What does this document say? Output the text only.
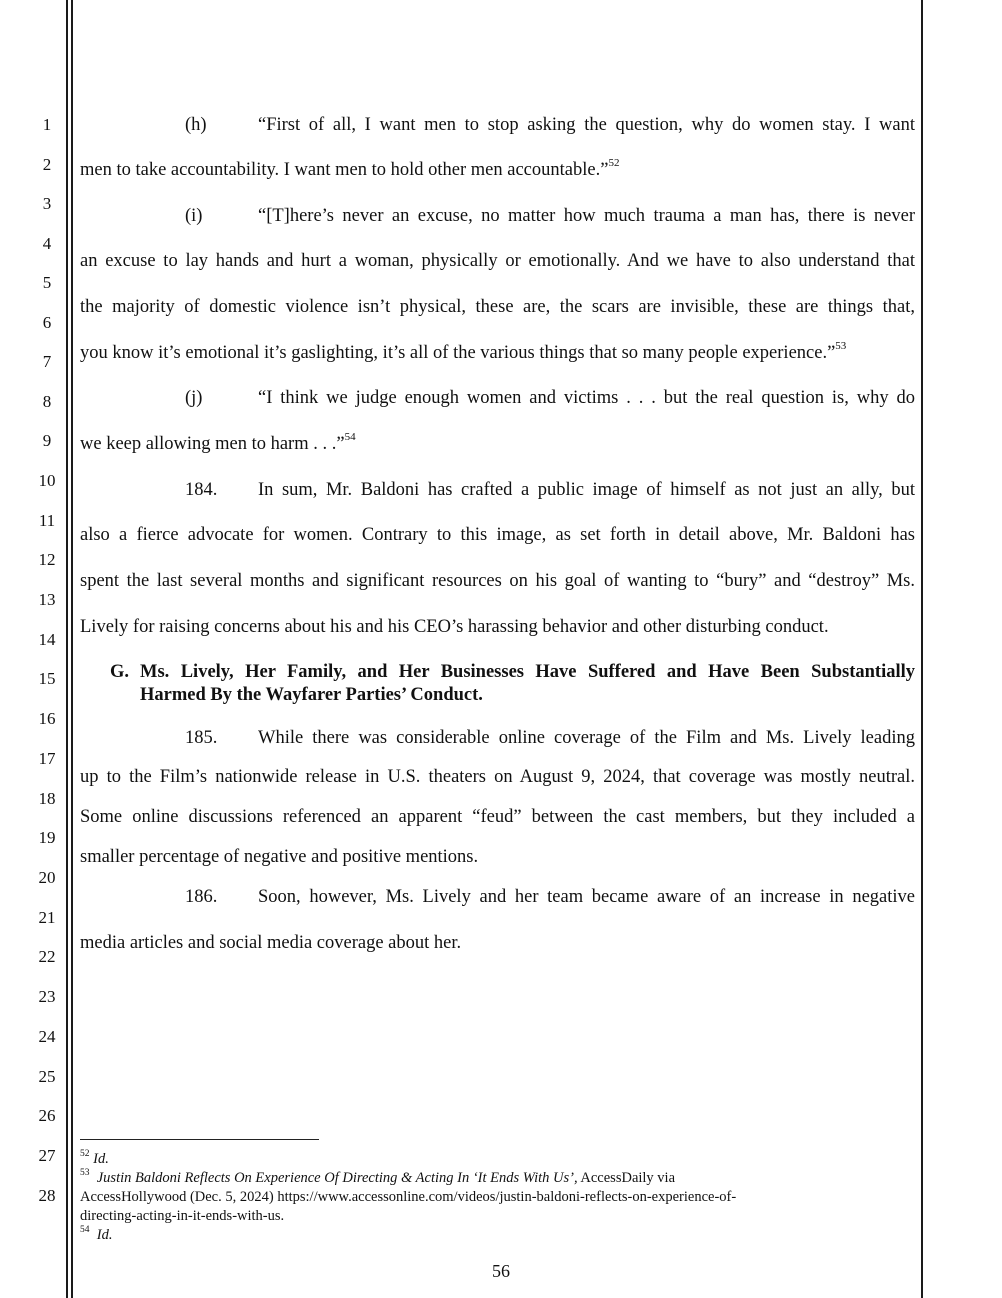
1
2
3
4
5
6
7
8
9
10
11
12
13
14
15
16
17
18
19
20
21
22
23
24
25
26
27
28
(h)	“First of all, I want men to stop asking the question, why do women stay. I want
men to take accountability. I want men to hold other men accountable.”$^{52}$
(i)	“[T]here’s never an excuse, no matter how much trauma a man has, there is never
an excuse to lay hands and hurt a woman, physically or emotionally. And we have to also understand that
the majority of domestic violence isn’t physical, these are, the scars are invisible, these are things that,
you know it’s emotional it’s gaslighting, it’s all of the various things that so many people experience.”$^{53}$
(j)	“I think we judge enough women and victims . . . but the real question is, why do
we keep allowing men to harm . . .”$^{54}$
184. In sum, Mr. Baldoni has crafted a public image of himself as not just an ally, but
also a fierce advocate for women. Contrary to this image, as set forth in detail above, Mr. Baldoni has
spent the last several months and significant resources on his goal of wanting to “bury” and “destroy” Ms.
Lively for raising concerns about his and his CEO’s harassing behavior and other disturbing conduct.
G. Ms. Lively, Her Family, and Her Businesses Have Suffered and Have Been Substantially
Harmed By the Wayfarer Parties’ Conduct.
185. While there was considerable online coverage of the Film and Ms. Lively leading
up to the Film’s nationwide release in U.S. theaters on August 9, 2024, that coverage was mostly neutral.
Some online discussions referenced an apparent “feud” between the cast members, but they included a
smaller percentage of negative and positive mentions.
186. Soon, however, Ms. Lively and her team became aware of an increase in negative
media articles and social media coverage about her.
$^{52}$ Id.
$^{53}$ Justin Baldoni Reflects On Experience Of Directing & Acting In ‘It Ends With Us’, AccessDaily via
AccessHollywood (Dec. 5, 2024) https://www.accessonline.com/videos/justin-baldoni-reflects-on-experience-of-
directing-acting-in-it-ends-with-us.
$^{54}$ Id.
56
